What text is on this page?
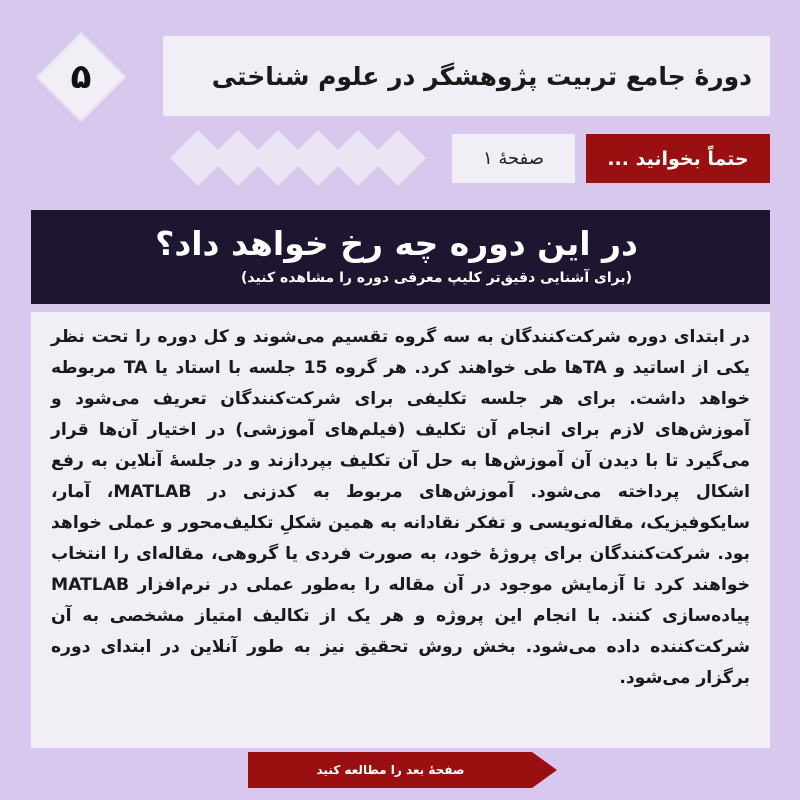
۵	دورهٔ جامع تربیت پژوهشگر در علوم شناختی
صفحهٔ ۱	حتماً بخوانید ...
در این دوره چه رخ خواهد داد؟
(برای آشنایی دقیق‌تر کلیپ معرفی دوره را مشاهده کنید)

در ابتدای دوره شرکت‌کنندگان به سه گروه تقسیم می‌شوند و کل دوره را تحت نظر یکی از اساتید و TAها طی خواهند کرد. هر گروه 15 جلسه با استاد یا TA مربوطه خواهد داشت. برای هر جلسه تکلیفی برای شرکت‌کنندگان تعریف می‌شود و آموزش‌های لازم برای انجام آن تکلیف (فیلم‌های آموزشی) در اختیار آن‌ها قرار می‌گیرد تا با دیدن آن آموزش‌ها به حل آن تکلیف بپردازند و در جلسهٔ آنلاین به رفع اشکال پرداخته می‌شود. آموزش‌های مربوط به کدزنی در MATLAB، آمار، سایکوفیزیک، مقاله‌نویسی و تفکر نقادانه به همین شکلِ تکلیف‌محور و عملی خواهد بود. شرکت‌کنندگان برای پروژهٔ خود، به صورت فردی یا گروهی، مقاله‌ای را انتخاب خواهند کرد تا آزمایش موجود در آن مقاله را به‌طور عملی در نرم‌افزار MATLAB پیاده‌سازی کنند. با انجام این پروژه و هر یک از تکالیف امتیاز مشخصی به آن شرکت‌کننده داده می‌شود. بخش روش تحقیق نیز به طور آنلاین در ابتدای دوره برگزار می‌شود.

صفحهٔ بعد را مطالعه کنید
